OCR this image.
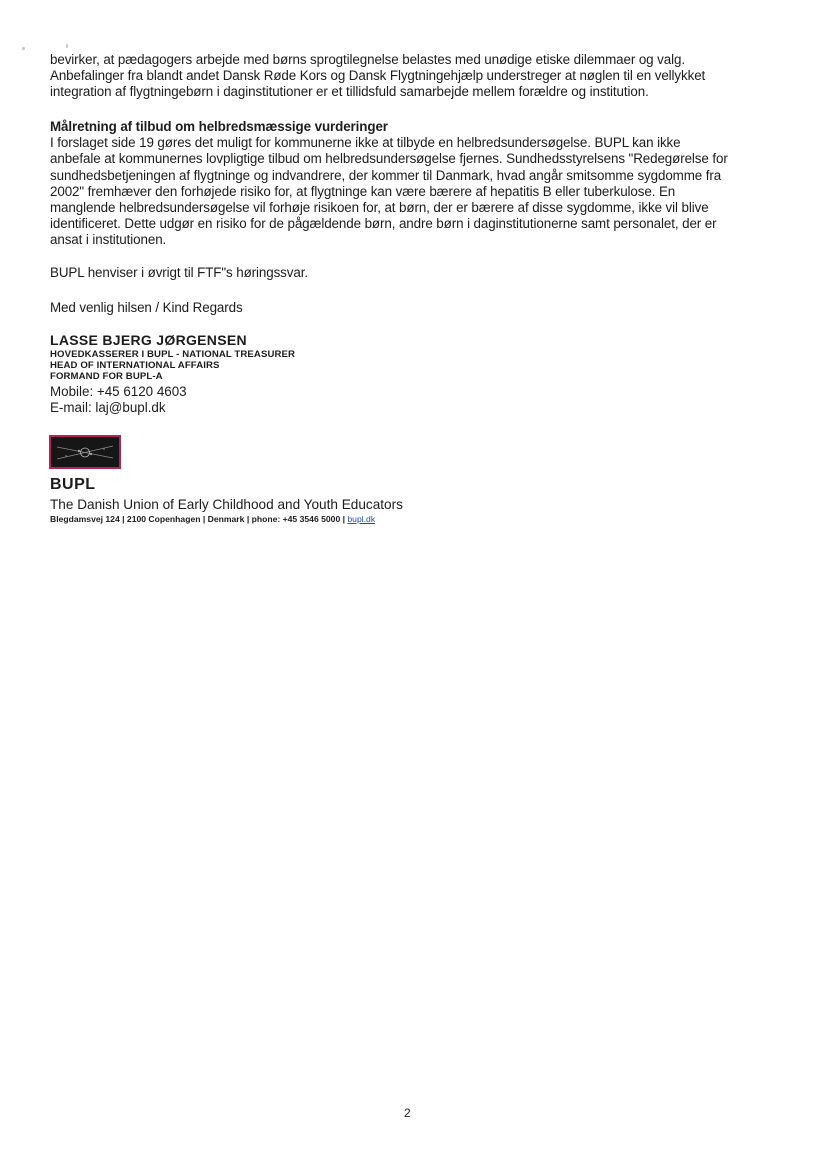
bevirker, at pædagogers arbejde med børns sprogtilegnelse belastes med unødige etiske dilemmaer og valg.

Anbefalinger fra blandt andet Dansk Røde Kors og Dansk Flygtningehjælp understreger at nøglen til en vellykket

integration af flygtningebørn i daginstitutioner er et tillidsfuld samarbejde mellem forældre og institution.

Målretning af tilbud om helbredsmæssige vurderinger

I forslaget side 19 gøres det muligt for kommunerne ikke at tilbyde en helbredsundersøgelse. BUPL kan ikke

anbefale at kommunernes lovpligtige tilbud om helbredsundersøgelse fjernes. Sundhedsstyrelsens "Redegørelse for

sundhedsbetjeningen af flygtninge og indvandrere, der kommer til Danmark, hvad angår smitsomme sygdomme fra

2002" fremhæver den forhøjede risiko for, at flygtninge kan være bærere af hepatitis B eller tuberkulose. En

manglende helbredsundersøgelse vil forhøje risikoen for, at børn, der er bærere af disse sygdomme, ikke vil blive

identificeret. Dette udgør en risiko for de pågældende børn, andre børn i daginstitutionerne samt personalet, der er

ansat i institutionen.

BUPL henviser i øvrigt til FTF"s høringssvar.

Med venlig hilsen / Kind Regards

LASSE BJERG JØRGENSEN
HOVEDKASSERER I BUPL - NATIONAL TREASURER
HEAD OF INTERNATIONAL AFFAIRS
FORMAND FOR BUPL-A
Mobile: +45 6120 4603
E-mail: laj@bupl.dk
BUPL
The Danish Union of Early Childhood and Youth Educators
Blegdamsvej 124 | 2100 Copenhagen | Denmark | phone: +45 3546 5000 | bupl.dk
2
